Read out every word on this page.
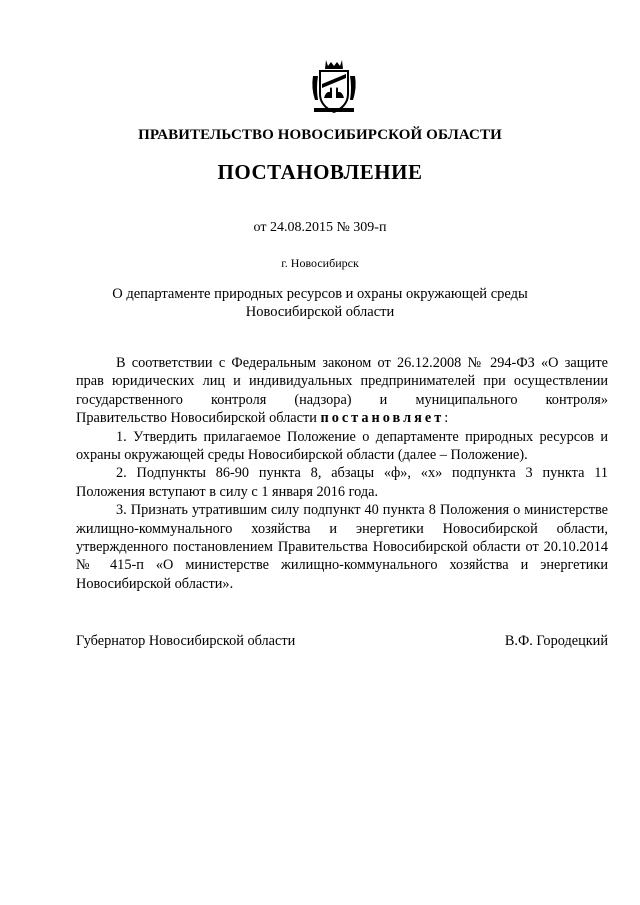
ПРАВИТЕЛЬСТВО НОВОСИБИРСКОЙ ОБЛАСТИ
ПОСТАНОВЛЕНИЕ
от 24.08.2015 № 309-п
г. Новосибирск
О департаменте природных ресурсов и охраны окружающей среды
Новосибирской области

В соответствии с Федеральным законом от 26.12.2008 № 294-ФЗ «О защите

прав юридических лиц и индивидуальных предпринимателей при осуществлении

государственного контроля (надзора) и муниципального контроля»

Правительство Новосибирской области постановляет:

1. Утвердить прилагаемое Положение о департаменте природных ресурсов и охраны окружающей среды Новосибирской области (далее – Положение).

2. Подпункты 86-90 пункта 8, абзацы «ф», «х» подпункта 3 пункта 11 Положения вступают в силу с 1 января 2016 года.

3. Признать утратившим силу подпункт 40 пункта 8 Положения о министерстве жилищно-коммунального хозяйства и энергетики Новосибирской области, утвержденного постановлением Правительства Новосибирской области от 20.10.2014 № 415-п «О министерстве жилищно-коммунального хозяйства и энергетики Новосибирской области».

Губернатор Новосибирской области	В.Ф. Городецкий
